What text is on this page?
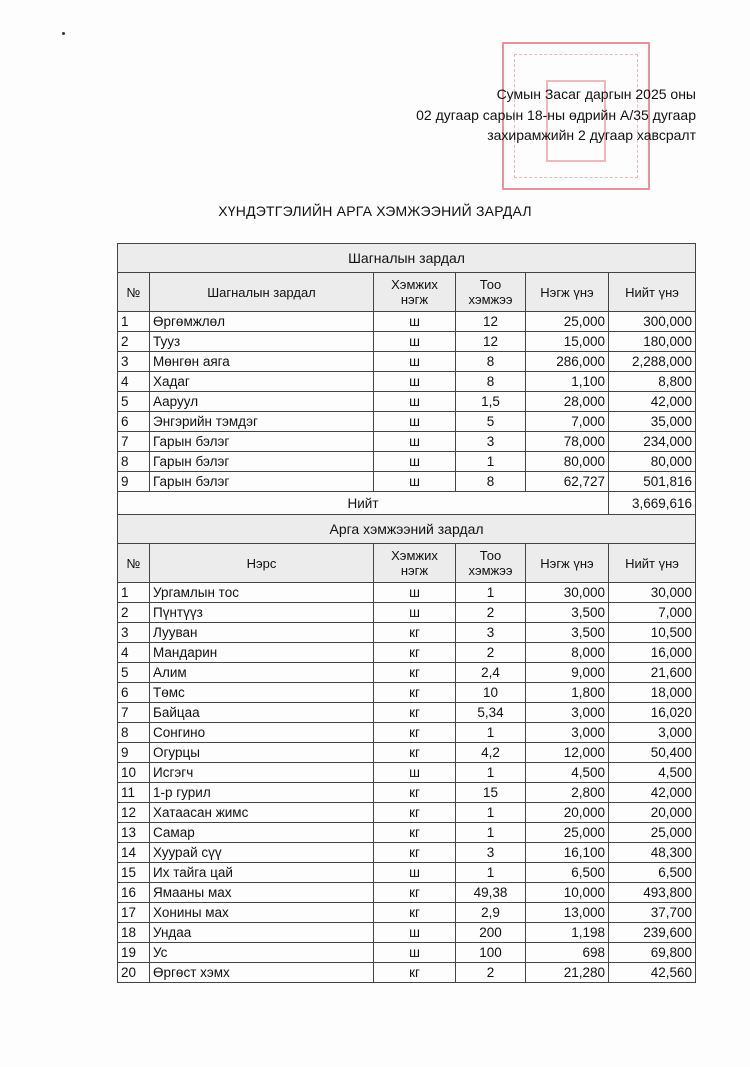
Сумын Засаг даргын 2025 оны
02 дугаар сарын 18-ны өдрийн А/35 дугаар
захирамжийн 2 дугаар хавсралт
ХҮНДЭТГЭЛИЙН АРГА ХЭМЖЭЭНИЙ ЗАРДАЛ
Шагналын зардал					
№	Шагналын зардал	Хэмжих нэгж	Тоо хэмжээ	Нэгж үнэ	Нийт үнэ
1	Өргөмжлөл	ш	12	25,000	300,000
2	Тууз	ш	12	15,000	180,000
3	Мөнгөн аяга	ш	8	286,000	2,288,000
4	Хадаг	ш	8	1,100	8,800
5	Ааруул	ш	1,5	28,000	42,000
6	Энгэрийн тэмдэг	ш	5	7,000	35,000
7	Гарын бэлэг	ш	3	78,000	234,000
8	Гарын бэлэг	ш	1	80,000	80,000
9	Гарын бэлэг	ш	8	62,727	501,816
Нийт					3,669,616
Арга хэмжээний зардал					
№	Нэрс	Хэмжих нэгж	Тоо хэмжээ	Нэгж үнэ	Нийт үнэ
1	Ургамлын тос	ш	1	30,000	30,000
2	Пүнтүүз	ш	2	3,500	7,000
3	Лууван	кг	3	3,500	10,500
4	Мандарин	кг	2	8,000	16,000
5	Алим	кг	2,4	9,000	21,600
6	Төмс	кг	10	1,800	18,000
7	Байцаа	кг	5,34	3,000	16,020
8	Сонгино	кг	1	3,000	3,000
9	Огурцы	кг	4,2	12,000	50,400
10	Исгэгч	ш	1	4,500	4,500
11	1-р гурил	кг	15	2,800	42,000
12	Хатаасан жимс	кг	1	20,000	20,000
13	Самар	кг	1	25,000	25,000
14	Хуурай сүү	кг	3	16,100	48,300
15	Их тайга цай	ш	1	6,500	6,500
16	Ямааны мах	кг	49,38	10,000	493,800
17	Хонины мах	кг	2,9	13,000	37,700
18	Ундаа	ш	200	1,198	239,600
19	Ус	ш	100	698	69,800
20	Өргөст хэмх	кг	2	21,280	42,560
